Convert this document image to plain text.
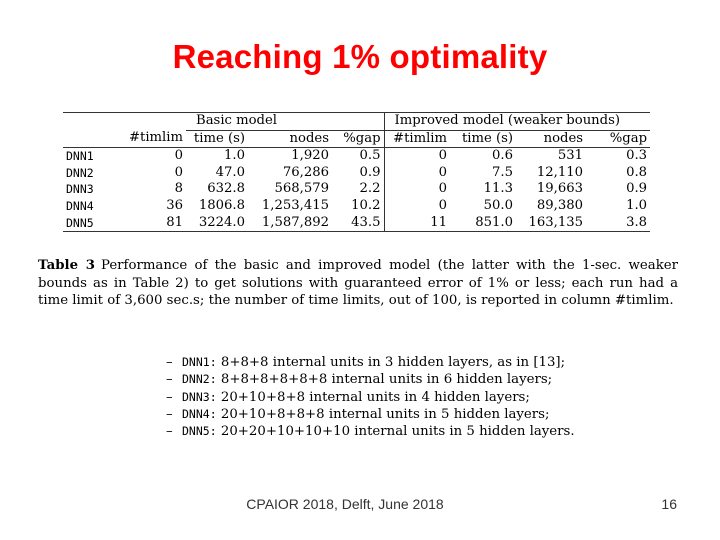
Reaching 1% optimality
		Basic model			Improved model (weaker bounds)			
	#timlim	time (s)	nodes	%gap	#timlim	time (s)	nodes	%gap
DNN1	0	1.0	1,920	0.5	0	0.6	531	0.3
DNN2	0	47.0	76,286	0.9	0	7.5	12,110	0.8
DNN3	8	632.8	568,579	2.2	0	11.3	19,663	0.9
DNN4	36	1806.8	1,253,415	10.2	0	50.0	89,380	1.0
DNN5	81	3224.0	1,587,892	43.5	11	851.0	163,135	3.8
Table 3 Performance of the basic and improved model (the latter with the 1-sec. weaker bounds as in Table 2) to get solutions with guaranteed error of 1% or less; each run had a time limit of 3,600 sec.s; the number of time limits, out of 100, is reported in column #timlim.
– DNN1: 8+8+8 internal units in 3 hidden layers, as in [13];
– DNN2: 8+8+8+8+8+8 internal units in 6 hidden layers;
– DNN3: 20+10+8+8 internal units in 4 hidden layers;
– DNN4: 20+10+8+8+8 internal units in 5 hidden layers;
– DNN5: 20+20+10+10+10 internal units in 5 hidden layers.
CPAIOR 2018, Delft, June 2018	16
